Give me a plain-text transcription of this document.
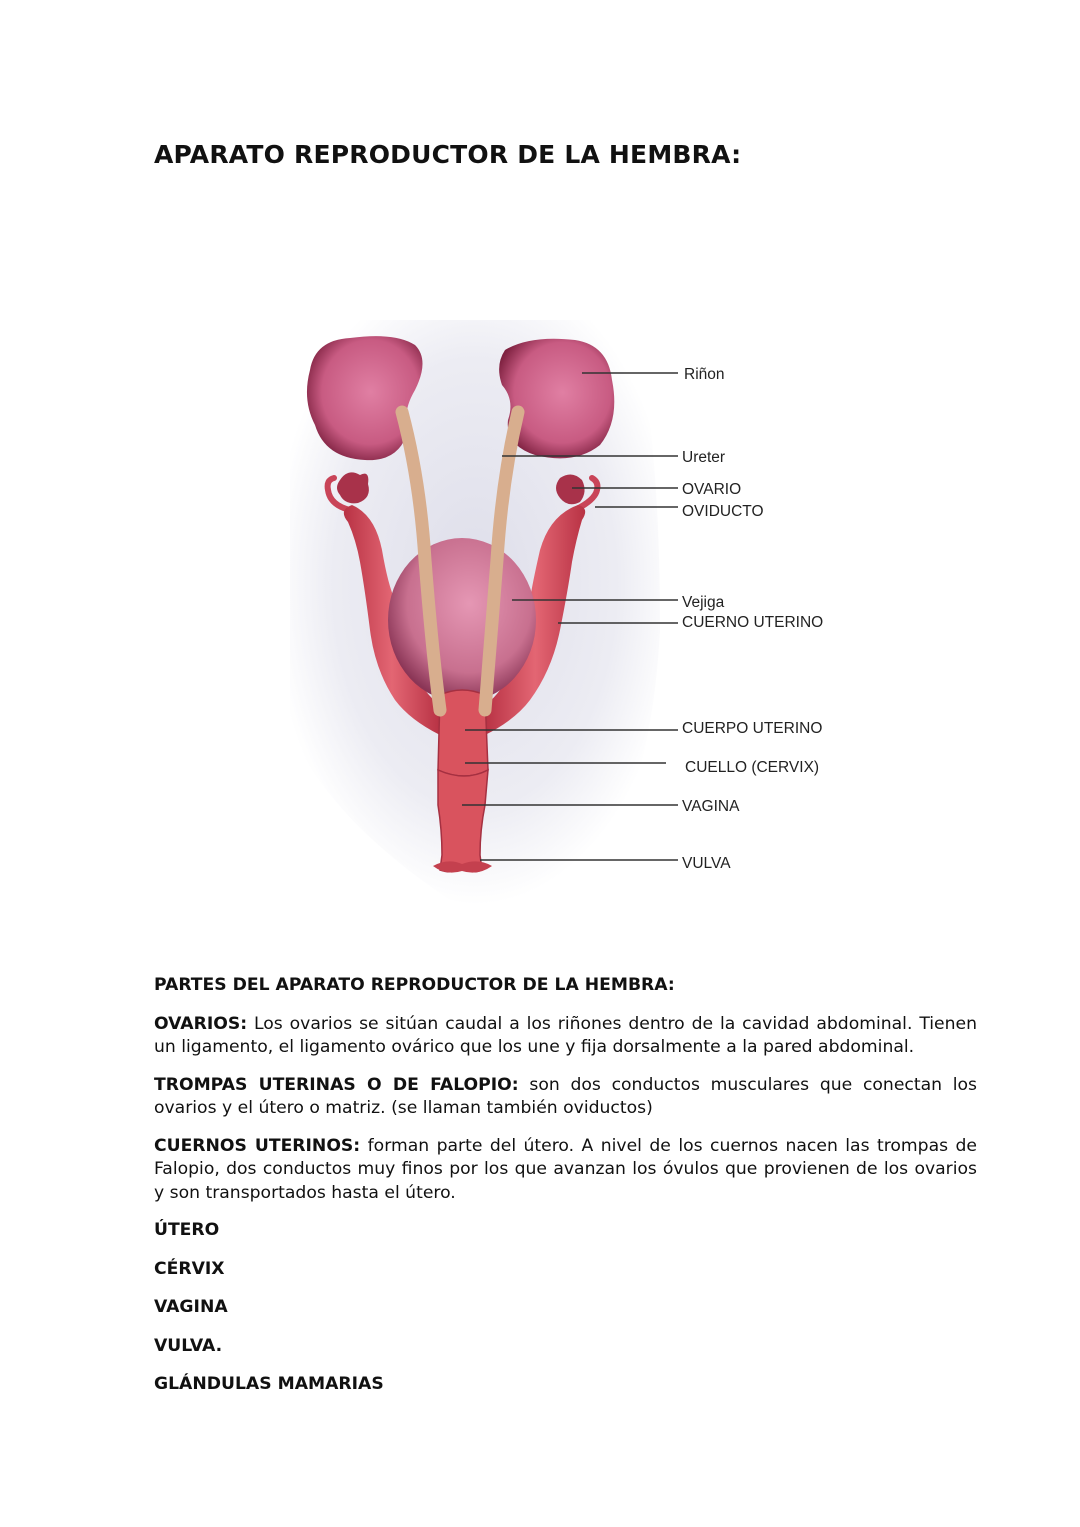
APARATO REPRODUCTOR DE LA HEMBRA:
Riñon
Ureter
OVARIO
OVIDUCTO
Vejiga
CUERNO UTERINO
CUERPO UTERINO
CUELLO (CERVIX)
VAGINA
VULVA

PARTES DEL APARATO REPRODUCTOR DE LA HEMBRA:

OVARIOS: Los ovarios se sitúan caudal a los riñones dentro de la cavidad abdominal. Tienen un ligamento, el ligamento ovárico que los une y fija dorsalmente a la pared abdominal.

TROMPAS UTERINAS O DE FALOPIO: son dos conductos musculares que conectan los ovarios y el útero o matriz. (se llaman también oviductos)

CUERNOS UTERINOS: forman parte del útero. A nivel de los cuernos nacen las trompas de Falopio, dos conductos muy finos por los que avanzan los óvulos que provienen de los ovarios y son transportados hasta el útero.

ÚTERO

CÉRVIX

VAGINA

VULVA.

GLÁNDULAS MAMARIAS
